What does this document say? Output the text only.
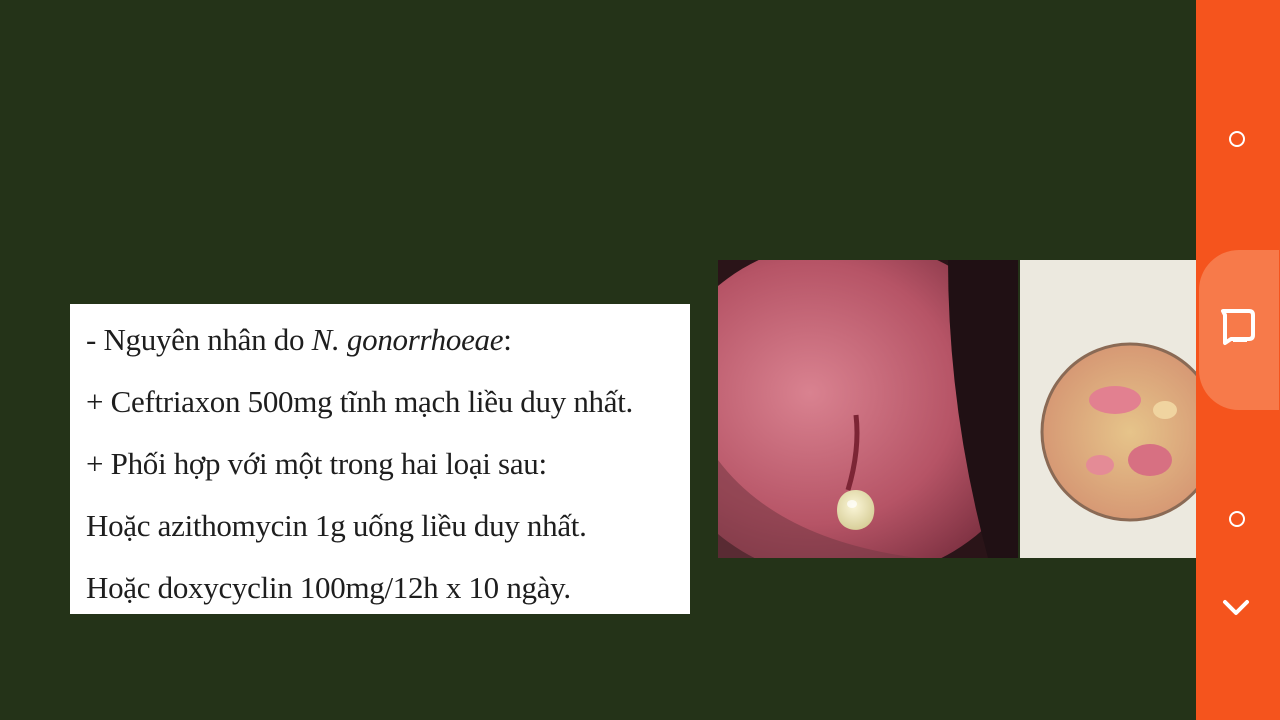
- Nguyên nhân do N. gonorrhoeae:
+ Ceftriaxon 500mg tĩnh mạch liều duy nhất.
+ Phối hợp với một trong hai loại sau:
Hoặc azithomycin 1g uống liều duy nhất.
Hoặc doxycyclin 100mg/12h x 10 ngày.
